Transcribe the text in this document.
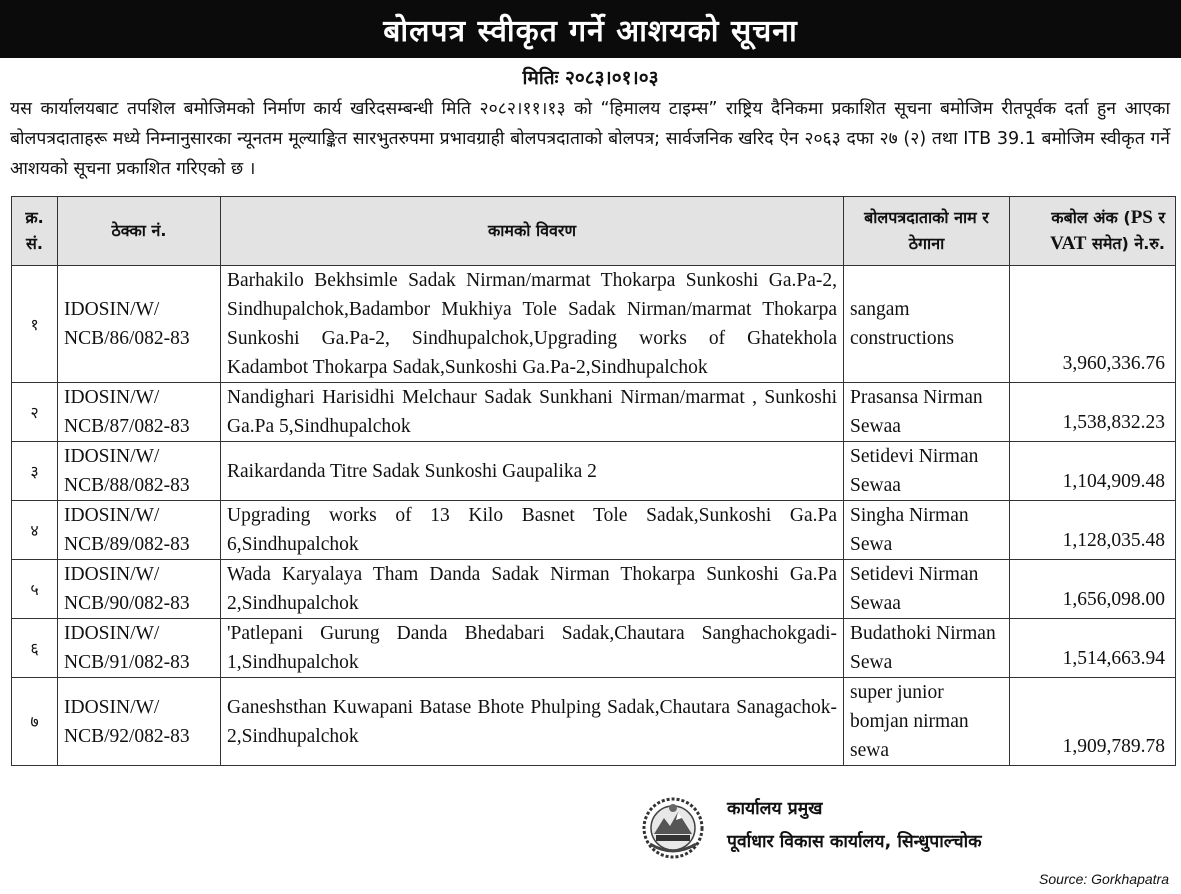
बोलपत्र स्वीकृत गर्ने आशयको सूचना
मितिः २०८३।०१।०३
यस कार्यालयबाट तपशिल बमोजिमको निर्माण कार्य खरिदसम्बन्धी मिति २०८२।११।१३ को “हिमालय टाइम्स” राष्ट्रिय दैनिकमा प्रकाशित सूचना बमोजिम रीतपूर्वक दर्ता हुन आएका बोलपत्रदाताहरू मध्ये निम्नानुसारका न्यूनतम मूल्याङ्कित सारभुतरुपमा प्रभावग्राही बोलपत्रदाताको बोलपत्र; सार्वजनिक खरिद ऐन २०६३ दफा २७ (२) तथा ITB 39.1 बमोजिम स्वीकृत गर्ने आशयको सूचना प्रकाशित गरिएको छ ।
क्र. सं.	ठेक्का नं.	कामको विवरण	बोलपत्रदाताको नाम र ठेगाना	कबोल अंक (PS र VAT समेत) ने.रु.
१	IDOSIN/W/ NCB/86/082-83	Barhakilo Bekhsimle Sadak Nirman/marmat Thokarpa Sunkoshi Ga.Pa-2, Sindhupalchok,Badambor Mukhiya Tole Sadak Nirman/marmat Thokarpa Sunkoshi Ga.Pa-2, Sindhupalchok,Upgrading works of Ghatekhola Kadambot Thokarpa Sadak,Sunkoshi Ga.Pa-2,Sindhupalchok	sangam constructions	3,960,336.76
२	IDOSIN/W/ NCB/87/082-83	Nandighari Harisidhi Melchaur Sadak Sunkhani Nirman/marmat , Sunkoshi Ga.Pa 5,Sindhupalchok	Prasansa Nirman Sewaa	1,538,832.23
३	IDOSIN/W/ NCB/88/082-83	Raikardanda Titre Sadak Sunkoshi Gaupalika 2	Setidevi Nirman Sewaa	1,104,909.48
४	IDOSIN/W/ NCB/89/082-83	Upgrading works of 13 Kilo Basnet Tole Sadak,Sunkoshi Ga.Pa 6,Sindhupalchok	Singha Nirman Sewa	1,128,035.48
५	IDOSIN/W/ NCB/90/082-83	Wada Karyalaya Tham Danda Sadak Nirman Thokarpa Sunkoshi Ga.Pa 2,Sindhupalchok	Setidevi Nirman Sewaa	1,656,098.00
६	IDOSIN/W/ NCB/91/082-83	'Patlepani Gurung Danda Bhedabari Sadak,Chautara Sanghachokgadi-1,Sindhupalchok	Budathoki Nirman Sewa	1,514,663.94
७	IDOSIN/W/ NCB/92/082-83	Ganeshsthan Kuwapani Batase Bhote Phulping Sadak,Chautara Sanagachok-2,Sindhupalchok	super junior bomjan nirman sewa	1,909,789.78
कार्यालय प्रमुख
पूर्वाधार विकास कार्यालय, सिन्धुपाल्चोक
Source: Gorkhapatra
